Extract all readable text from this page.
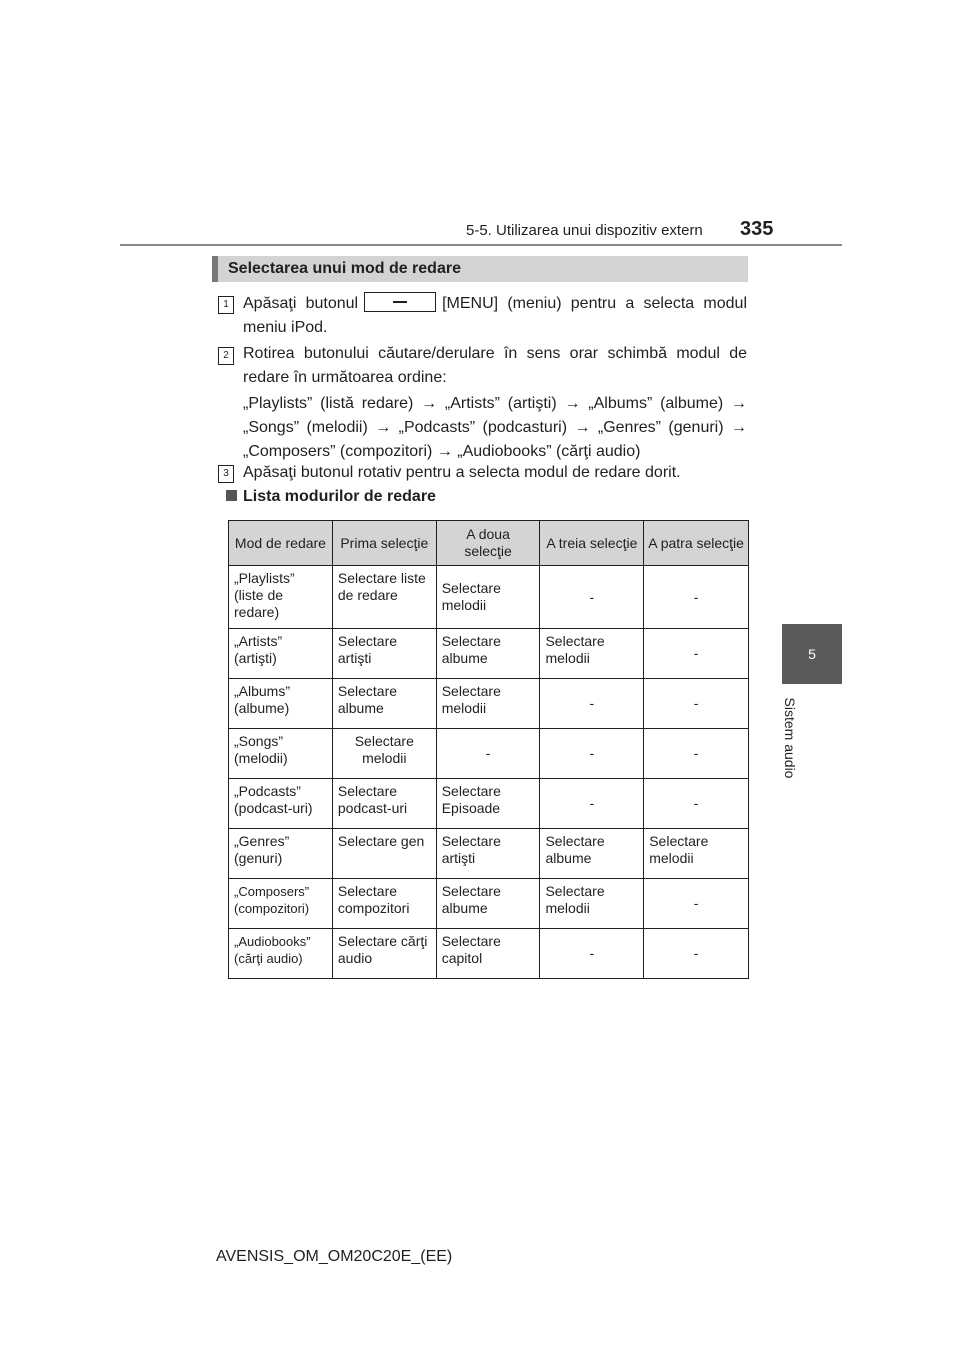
5-5. Utilizarea unui dispozitiv extern 335
5
Sistem audio
Selectarea unui mod de redare
1 Apăsaţi butonul	[MENU] (meniu) pentru a selecta modul meniu iPod.
2 Rotirea butonului căutare/derulare în sens orar schimbă modul de redare în următoarea ordine:
„Playlists” (listă redare) → „Artists” (artişti) → „Albums” (albume) → „Songs” (melodii) → „Podcasts” (podcasturi) → „Genres” (genuri) → „Composers” (compozitori) → „Audiobooks” (cărţi audio)
3 Apăsaţi butonul rotativ pentru a selecta modul de redare dorit.
Lista modurilor de redare
Mod de redare	Prima selecţie	A doua selecţie	A treia selecţie	A patra selecţie
„Playlists” (liste de redare)	Selectare liste de redare	Selectare melodii	-	-
„Artists” (artişti)	Selectare artişti	Selectare albume	Selectare melodii	-
„Albums” (albume)	Selectare albume	Selectare melodii	-	-
„Songs” (melodii)	Selectare melodii	-	-	-
„Podcasts” (podcast-uri)	Selectare podcast-uri	Selectare Episoade	-	-
„Genres” (genuri)	Selectare gen	Selectare artişti	Selectare albume	Selectare melodii
„Composers” (compozitori)	Selectare compozitori	Selectare albume	Selectare melodii	-
„Audiobooks” (cărţi audio)	Selectare cărţi audio	Selectare capitol	-	-
AVENSIS_OM_OM20C20E_(EE)
